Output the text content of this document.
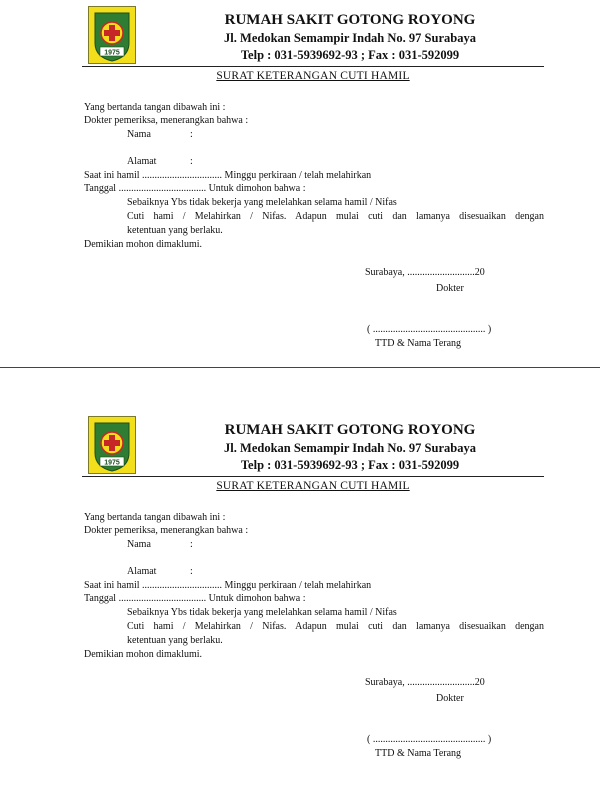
1975
RUMAH SAKIT GOTONG ROYONG
Jl. Medokan Semampir Indah No. 97 Surabaya
Telp : 031-5939692-93 ; Fax : 031-592099
SURAT KETERANGAN CUTI HAMIL
Yang bertanda tangan dibawah ini :
Dokter pemeriksa, menerangkan bahwa :
Nama	:
Alamat	:
Saat ini hamil ................................ Minggu perkiraan / telah melahirkan
Tanggal ................................... Untuk dimohon bahwa :
Sebaiknya Ybs tidak bekerja yang melelahkan selama hamil / Nifas
Cuti hami / Melahirkan / Nifas. Adapun mulai cuti dan lamanya disesuaikan dengan
ketentuan yang berlaku.
Demikian mohon dimaklumi.
Surabaya, ...........................20
Dokter
( ............................................. )
TTD & Nama Terang
1975
RUMAH SAKIT GOTONG ROYONG
Jl. Medokan Semampir Indah No. 97 Surabaya
Telp : 031-5939692-93 ; Fax : 031-592099
SURAT KETERANGAN CUTI HAMIL
Yang bertanda tangan dibawah ini :
Dokter pemeriksa, menerangkan bahwa :
Nama	:
Alamat	:
Saat ini hamil ................................ Minggu perkiraan / telah melahirkan
Tanggal ................................... Untuk dimohon bahwa :
Sebaiknya Ybs tidak bekerja yang melelahkan selama hamil / Nifas
Cuti hami / Melahirkan / Nifas. Adapun mulai cuti dan lamanya disesuaikan dengan
ketentuan yang berlaku.
Demikian mohon dimaklumi.
Surabaya, ...........................20
Dokter
( ............................................. )
TTD & Nama Terang
